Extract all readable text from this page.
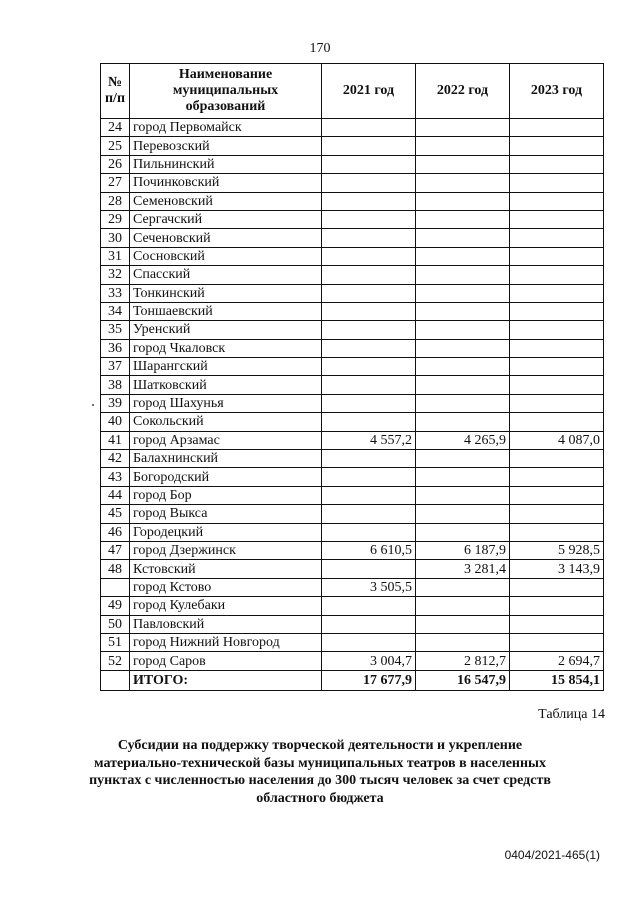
170
№ п/п	Наименование муниципальных образований	2021 год	2022 год	2023 год
24	город Первомайск			
25	Перевозский			
26	Пильнинский			
27	Починковский			
28	Семеновский			
29	Сергачский			
30	Сеченовский			
31	Сосновский			
32	Спасский			
33	Тонкинский			
34	Тоншаевский			
35	Уренский			
36	город Чкаловск			
37	Шарангский			
38	Шатковский			
39	город Шахунья			
40	Сокольский			
41	город Арзамас	4 557,2	4 265,9	4 087,0
42	Балахнинский			
43	Богородский			
44	город Бор			
45	город Выкса			
46	Городецкий			
47	город Дзержинск	6 610,5	6 187,9	5 928,5
48	Кстовский		3 281,4	3 143,9
	город Кстово	3 505,5		
49	город Кулебаки			
50	Павловский			
51	город Нижний Новгород			
52	город Саров	3 004,7	2 812,7	2 694,7
	ИТОГО:	17 677,9	16 547,9	15 854,1
Таблица 14
Субсидии на поддержку творческой деятельности и укрепление материально-технической базы муниципальных театров в населенных пунктах с численностью населения до 300 тысяч человек за счет средств областного бюджета
0404/2021-465(1)
